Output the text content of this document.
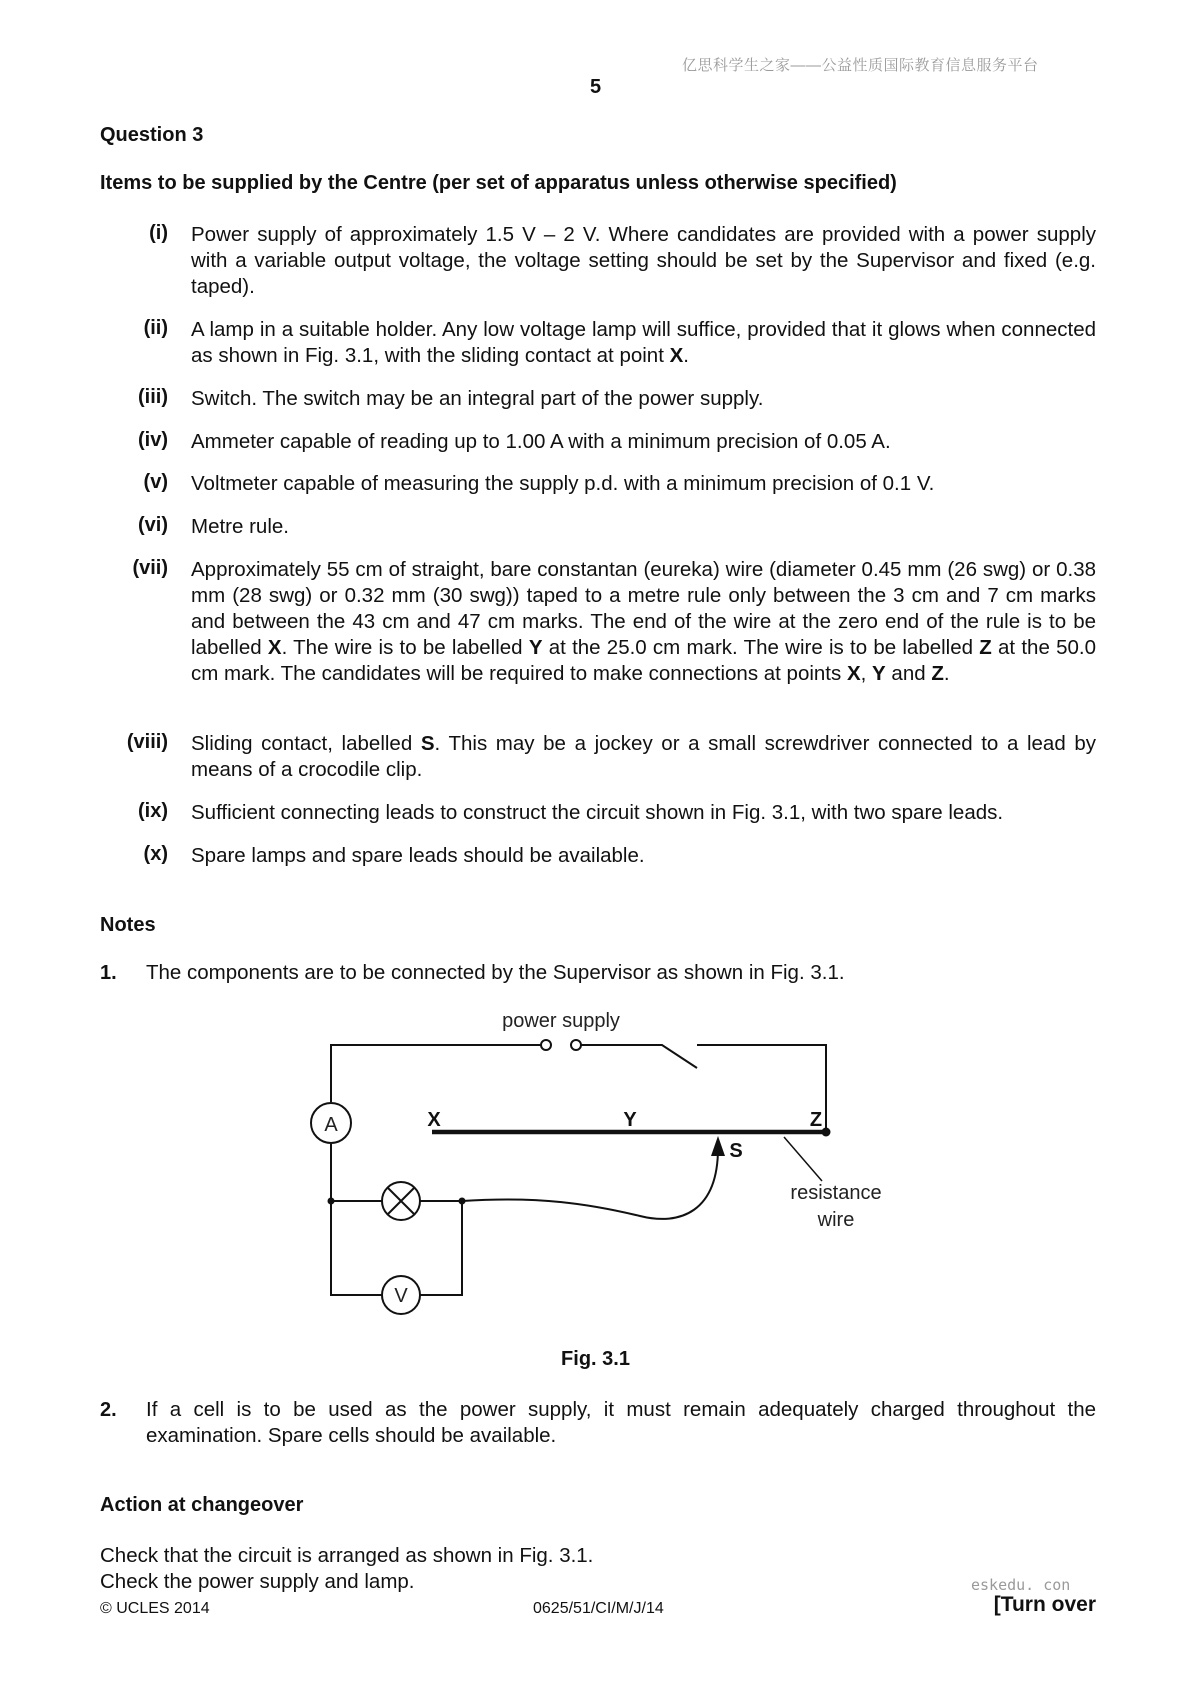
亿思科学生之家——公益性质国际教育信息服务平台
5
Question 3
Items to be supplied by the Centre (per set of apparatus unless otherwise specified)
(i) Power supply of approximately 1.5 V – 2 V. Where candidates are provided with a power supply with a variable output voltage, the voltage setting should be set by the Supervisor and fixed (e.g. taped).
(ii) A lamp in a suitable holder. Any low voltage lamp will suffice, provided that it glows when connected as shown in Fig. 3.1, with the sliding contact at point X.
(iii) Switch. The switch may be an integral part of the power supply.
(iv) Ammeter capable of reading up to 1.00 A with a minimum precision of 0.05 A.
(v) Voltmeter capable of measuring the supply p.d. with a minimum precision of 0.1 V.
(vi) Metre rule.
(vii) Approximately 55 cm of straight, bare constantan (eureka) wire (diameter 0.45 mm (26 swg) or 0.38 mm (28 swg) or 0.32 mm (30 swg)) taped to a metre rule only between the 3 cm and 7 cm marks and between the 43 cm and 47 cm marks. The end of the wire at the zero end of the rule is to be labelled X. The wire is to be labelled Y at the 25.0 cm mark. The wire is to be labelled Z at the 50.0 cm mark. The candidates will be required to make connections at points X, Y and Z.
(viii) Sliding contact, labelled S. This may be a jockey or a small screwdriver connected to a lead by means of a crocodile clip.
(ix) Sufficient connecting leads to construct the circuit shown in Fig. 3.1, with two spare leads.
(x) Spare lamps and spare leads should be available.
Notes
1. The components are to be connected by the Supervisor as shown in Fig. 3.1.
power supply
A
V
X	Y	Z
S
resistance
wire
Fig. 3.1
2. If a cell is to be used as the power supply, it must remain adequately charged throughout the examination. Spare cells should be available.
Action at changeover
Check that the circuit is arranged as shown in Fig. 3.1.
Check the power supply and lamp.	eskedu. con
© UCLES 2014	0625/51/CI/M/J/14	[Turn over
